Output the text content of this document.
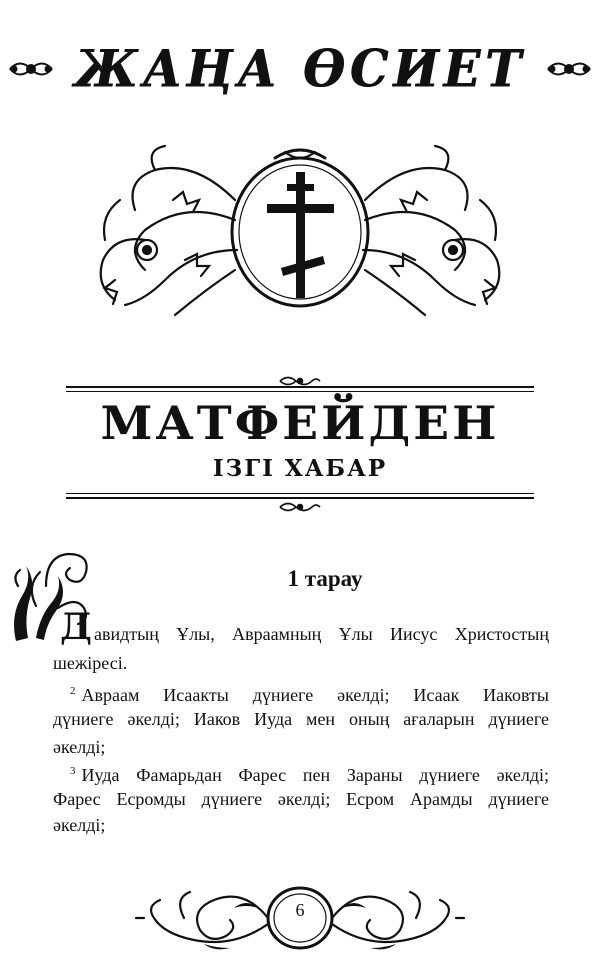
ЖАҢА ӨСИЕТ
МАТФЕЙДЕН
ІЗГІ ХАБАР
Д
1 тарау
авидтың Ұлы, Авраамның Ұлы Иисус Христостың
шежіресі.
$^2$ Авраам Исаакты дүниеге әкелді; Исаак Иаковты
дүниеге әкелді; Иаков Иуда мен оның ағаларын дүниеге
әкелді;
$^3$ Иуда Фамарьдан Фарес пен Зараны дүниеге әкелді;
Фарес Есромды дүниеге әкелді; Есром Арамды дүниеге
әкелді;
6
